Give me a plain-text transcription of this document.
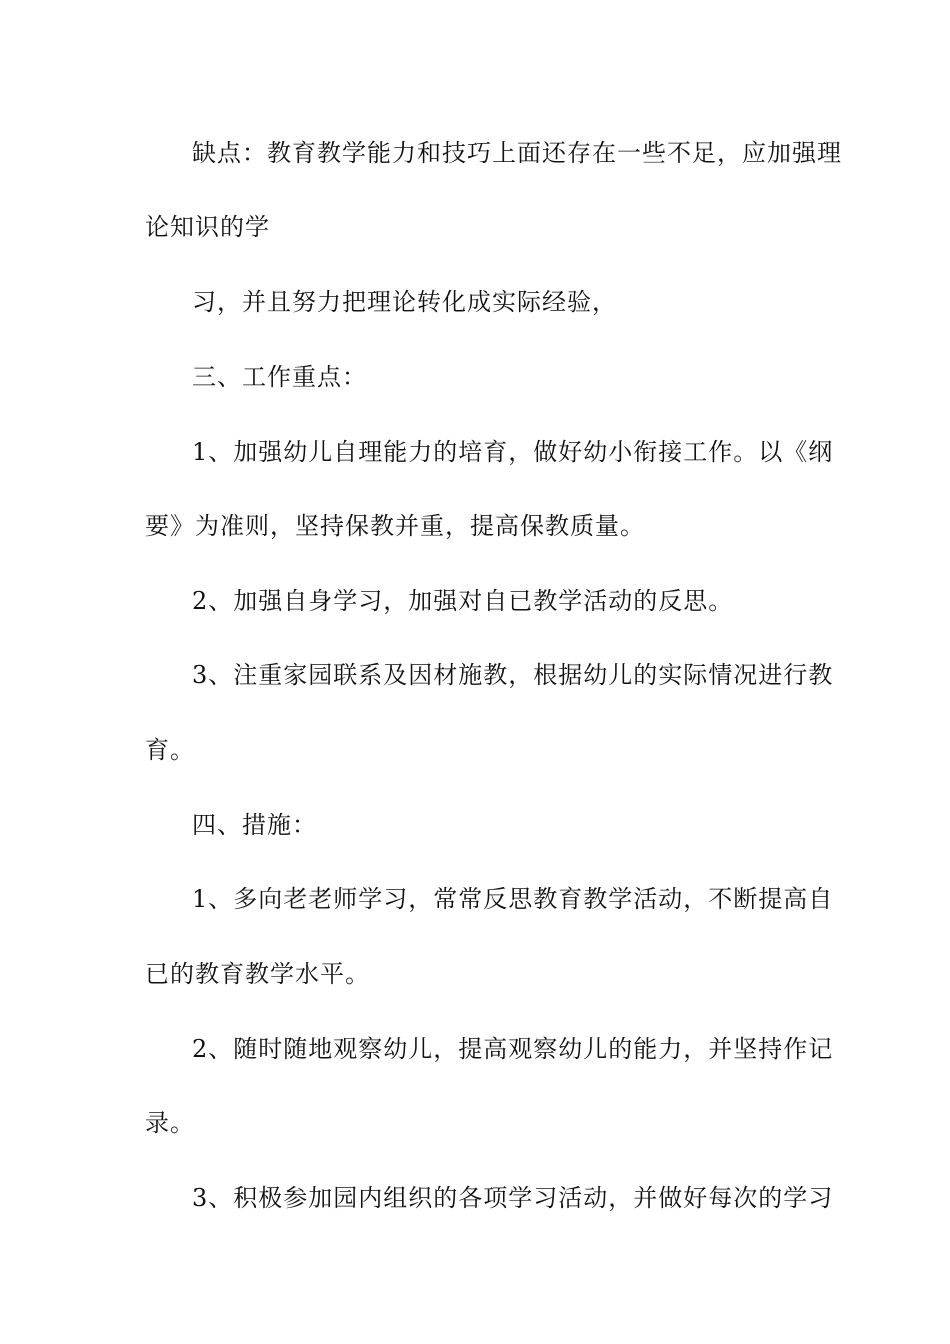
缺点：教育教学能力和技巧上面还存在一些不足，应加强理
论知识的学
习，并且努力把理论转化成实际经验，
三、工作重点：
1、加强幼儿自理能力的培育，做好幼小衔接工作。以《纲
要》为准则，坚持保教并重，提高保教质量。
2、加强自身学习，加强对自已教学活动的反思。
3、注重家园联系及因材施教，根据幼儿的实际情况进行教
育。
四、措施：
1、多向老老师学习，常常反思教育教学活动，不断提高自
已的教育教学水平。
2、随时随地观察幼儿，提高观察幼儿的能力，并坚持作记
录。
3、积极参加园内组织的各项学习活动，并做好每次的学习
